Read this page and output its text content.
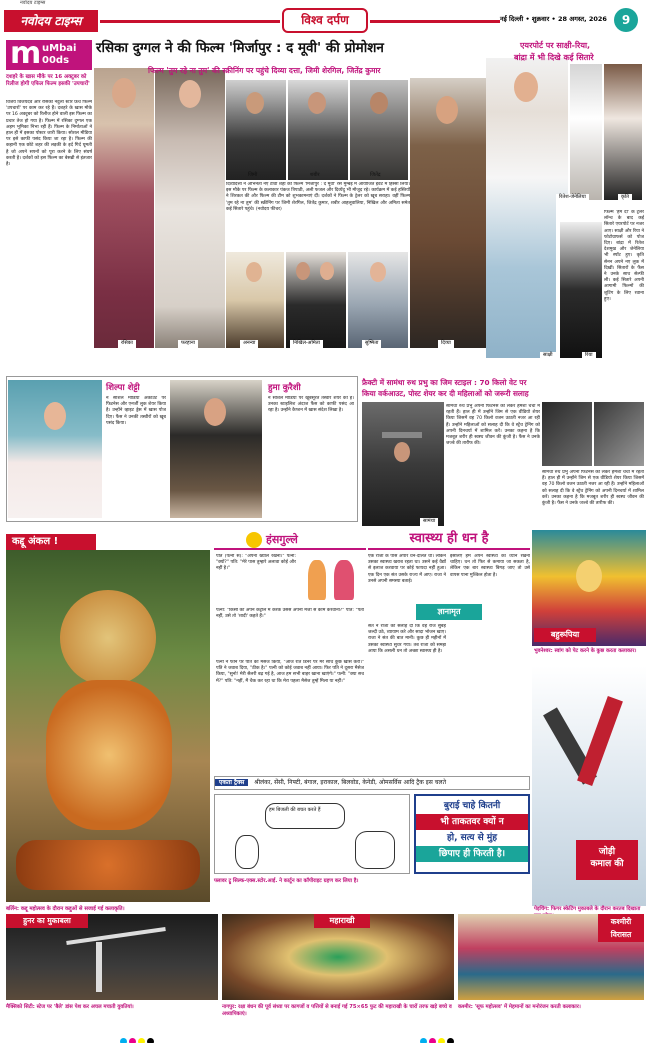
नवोदय टाइम्स
नवोदय टाइम्स	विश्व दर्पण	नई दिल्ली • शुक्रवार • 28 अगस्त, 2026	9
m uMbai
00ds
दशहरे के खास मौके पर 16 अक्टूबर को रिलीज होगी एफिल फिल्म इसकी 'उपचारों'
विजय विजयदेव और रसिका नंदुला स्टार फ्रेंच फिल्म 'उपचारों' पर काम कर रहे हैं। दशहरे के खास मौके पर 16 अक्टूबर को रिलीज होने वाली इस फिल्म का प्रचार तेज हो गया है। फिल्म में रसिका दुग्गल एक अहम भूमिका निभा रही हैं। फिल्म के निर्माताओं ने हाल ही में इसका पोस्टर जारी किया। सोशल मीडिया पर इसे काफी पसंद किया जा रहा है। फिल्म की कहानी एक छोटे शहर की लड़की के इर्द गिर्द घूमती है जो अपने सपनों को पूरा करने के लिए संघर्ष करती है। दर्शकों को इस फिल्म का बेसब्री से इंतजार है।
रसिका	फरहाना
रसिका दुग्गल ने की फिल्म 'मिर्जापुर : द मूवी' की प्रोमोशन
फिल्म 'तुम रहे ना तुम' की स्क्रीनिंग पर पहुंचे दिव्या दत्ता, जिमी शेरगिल, जितेंद्र कुमार
जिमी	शबीर	जितेंद्र
दिव्यादत्ता ने अभिनेता नए टीवी शहों की फिल्म 'मिर्जापुर : द मूवी' रसे मुम्बई में आयोजित इवेंट में हिस्सा लिया। इस मौके पर फिल्म के कलाकार पंकज त्रिपाठी, अली फजल और दिव्येंदु भी मौजूद रहे। कार्यक्रम में कई हस्तियों ने शिरकत की और फिल्म की टीम को शुभकामनाएं दीं। दर्शकों ने फिल्म के ट्रेलर को खूब सराहा। वहीं फिल्म 'तुम रहे ना तुम' की स्क्रीनिंग पर जिमी शेरगिल, जितेंद्र कुमार, शबीर आहलूवालिया, निखिल और अमिता समेत कई सितारे पहुंचे। (नवोदय फीचर)
अनन्या	निखिल-अमिता	सुष्मिता	दिव्या
एयरपोर्ट पर साक्षी-रिया,
बांद्रा में भी दिखे कई सितारे
रितेश-जेनेलिया	कृति
फिल्म 'हम दो' के ट्रेलर लॉन्च के बाद कई सितारे एयरपोर्ट पर नजर आए। साक्षी और रिया ने फोटोग्राफर्स को पोज दिए। बांद्रा में रितेश देशमुख और जेनेलिया भी स्पॉट हुए। कृति सेनन अपने नए लुक में दिखीं। सितारों के फैंस ने उनके साथ सेल्फी ली। कई सितारे अपनी आगामी फिल्मों की शूटिंग के लिए रवाना हुए।
साक्षी	रिया
शिल्पा शेट्टी
ने सोशल मीडिया अकाउंट पर फिटनेस और एनर्जी लुक शेयर किया है। उन्होंने व्हाइट ड्रेस में खास पोज दिए। फैंस ने उनकी तस्वीरों को खूब पसंद किया।
हुमा कुरैशी
ने सोशल मीडिया पर खूबसूरत तस्वीरें शेयर की हैं। उनका स्टाइलिश अंदाज फैंस को काफी पसंद आ रहा है। उन्होंने कैप्शन में खास संदेश लिखा है।
फ्रैक्टी में सामंथा रुथ प्रभु का जिम स्टाइल : 70 किलो वेट पर
किया वर्कआउट, पोस्ट शेयर कर दी महिलाओं को जरूरी सलाह
सामंथा
सामंथा रुथ प्रभु अपनी फिटनेस को लेकर हमेशा चर्चा में रहती हैं। हाल ही में उन्होंने जिम से एक वीडियो शेयर किया जिसमें वह 70 किलो वजन उठाती नजर आ रही हैं। उन्होंने महिलाओं को सलाह दी कि वे स्ट्रेंथ ट्रेनिंग को अपनी दिनचर्या में शामिल करें। उनका कहना है कि मजबूत शरीर ही स्वस्थ जीवन की कुंजी है। फैंस ने उनके जज्बे की तारीफ की।
सामंथा रुथ प्रभु अपनी फिटनेस को लेकर हमेशा चर्चा में रहती हैं। हाल ही में उन्होंने जिम से एक वीडियो शेयर किया जिसमें वह 70 किलो वजन उठाती नजर आ रही हैं। उन्होंने महिलाओं को सलाह दी कि वे स्ट्रेंथ ट्रेनिंग को अपनी दिनचर्या में शामिल करें। उनका कहना है कि मजबूत शरीर ही स्वस्थ जीवन की कुंजी है। फैंस ने उनके जज्बे की तारीफ की।
कद्दू अंकल !
बर्लिन: कद्दू महोत्सव के दौरान कद्दुओं से सजाई गई कलाकृति।
हंसगुल्ले
पति (पत्नी से): "अपना ख्याल रखना।" पत्नी: "क्यों?" पति: "मेरे पास तुम्हारे अलावा कोई और नहीं है।"
पत्नी: "किसी को अपने कंट्रोल में करके उससे अपनी मर्जी से काम करवाना?" पति: "पता नहीं, उसे तो 'शादी' कहते हैं।"
पत्नी ने फोन पर पति को मैसेज किया, "आज रात डिनर पर मेरे साथ कुछ खास करो।" पति ने जवाब दिया, "ठीक है।" पत्नी को कोई जवाब नहीं आया। फिर पति ने दूसरा मैसेज किया, "सुनो! मेरी सैलरी बढ़ गई है, आज हम सभी बाहर खाना खाएंगे।" पत्नी: "क्या सच में?" पति: "नहीं, मैं चैक कर रहा था कि मेरा पहला मैसेज तुम्हें मिला या नहीं।"
स्वास्थ्य ही धन है
एक राजा के पास अपार धन-दौलत थी। लेकिन उसका स्वास्थ्य खराब रहता था। उसने कई वैद्यों से इलाज करवाया पर कोई फायदा नहीं हुआ। एक दिन एक संत उसके राज्य में आए। राजा ने उनसे अपनी समस्या बताई।
ज्ञानामृत
संत ने राजा को सलाह दी कि वह रोज सुबह जल्दी उठे, व्यायाम करे और सादा भोजन खाए। राजा ने संत की बात मानी। कुछ ही महीनों में उसका स्वास्थ्य सुधर गया। तब राजा को समझ आया कि असली धन तो अच्छा स्वास्थ्य ही है।
इसलिए हमें अपने स्वास्थ्य का ध्यान रखना चाहिए। धन तो फिर से कमाया जा सकता है, लेकिन एक बार स्वास्थ्य बिगड़ जाए तो उसे वापस पाना मुश्किल होता है।
बहुरूपिया
भुवनेश्वर: स्वांग को पेट करने के कुछ करता कलाकार।
जोड़ी
कमाल की
पेइचिंग: फिगर स्केटिंग मुकाबले के दौरान करतब दिखाता
एकता ट्रैक्स श्रीलंका, सेंसी, निफ्टी, बंगाल, इराकाल, बिलवोड, केनेडी, ओमसर्विस आदि ट्रैक इस चलते
हम बिजली की बचत करते हैं
फ्लावर ट्रू सिल्क-एक्स.स्टोर.आई. ने कार्टून का कॉपीराइट ग्रहण कर लिया है।
बुराई चाहे कितनी
भी ताकतवर क्यों न
हो, सत्य से मुंह
छिपाए ही फिरती है।
हुनर का मुकाबला
मैक्सिको सिटी: स्टेज पर 'बैले' डांस पेश कर अचल मचाती युवतियां।
महाराखी
नागपुर: रक्षा बंधन की पूर्व संध्या पर कागजों व पत्तियों से बनाई गई 75×65 फुट की महाराखी के चारों तरफ खड़े बच्चे व अध्यापिकाएं।
कश्मीरी
विरासत
कश्मीर: 'सूफ महोत्सव' में मेहमानों का मनोरंजन करती कलाकार।
